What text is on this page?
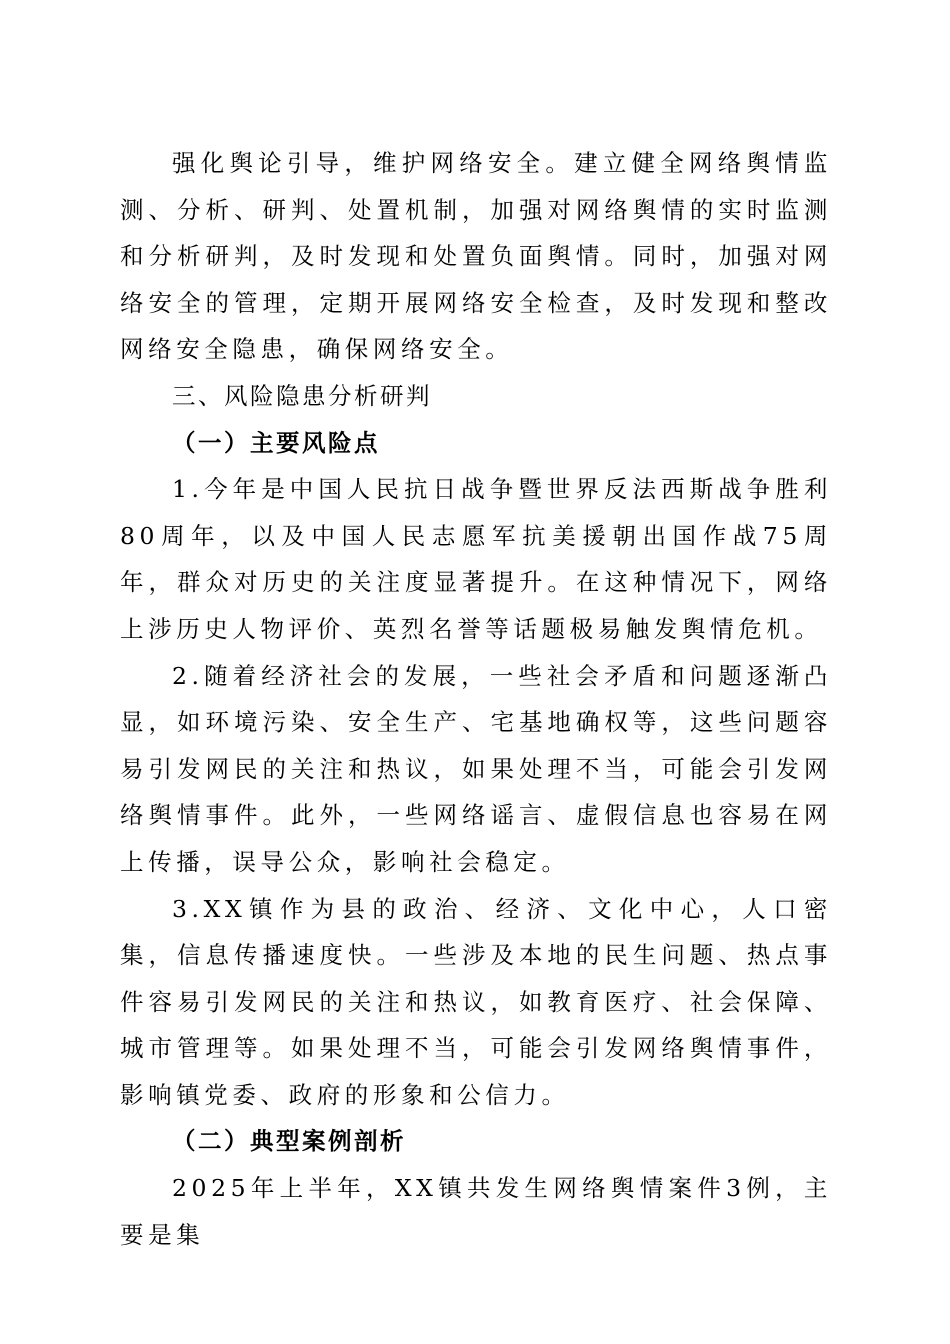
强化舆论引导，维护网络安全。建立健全网络舆情监测、分析、研判、处置机制，加强对网络舆情的实时监测和分析研判，及时发现和处置负面舆情。同时，加强对网络安全的管理，定期开展网络安全检查，及时发现和整改网络安全隐患，确保网络安全。

三、风险隐患分析研判

（一）主要风险点

1.今年是中国人民抗日战争暨世界反法西斯战争胜利80周年，以及中国人民志愿军抗美援朝出国作战75周年，群众对历史的关注度显著提升。在这种情况下，网络上涉历史人物评价、英烈名誉等话题极易触发舆情危机。

2.随着经济社会的发展，一些社会矛盾和问题逐渐凸显，如环境污染、安全生产、宅基地确权等，这些问题容易引发网民的关注和热议，如果处理不当，可能会引发网络舆情事件。此外，一些网络谣言、虚假信息也容易在网上传播，误导公众，影响社会稳定。

3.XX镇作为县的政治、经济、文化中心，人口密集，信息传播速度快。一些涉及本地的民生问题、热点事件容易引发网民的关注和热议，如教育医疗、社会保障、城市管理等。如果处理不当，可能会引发网络舆情事件，影响镇党委、政府的形象和公信力。

（二）典型案例剖析

2025年上半年，XX镇共发生网络舆情案件3例，主要是集
